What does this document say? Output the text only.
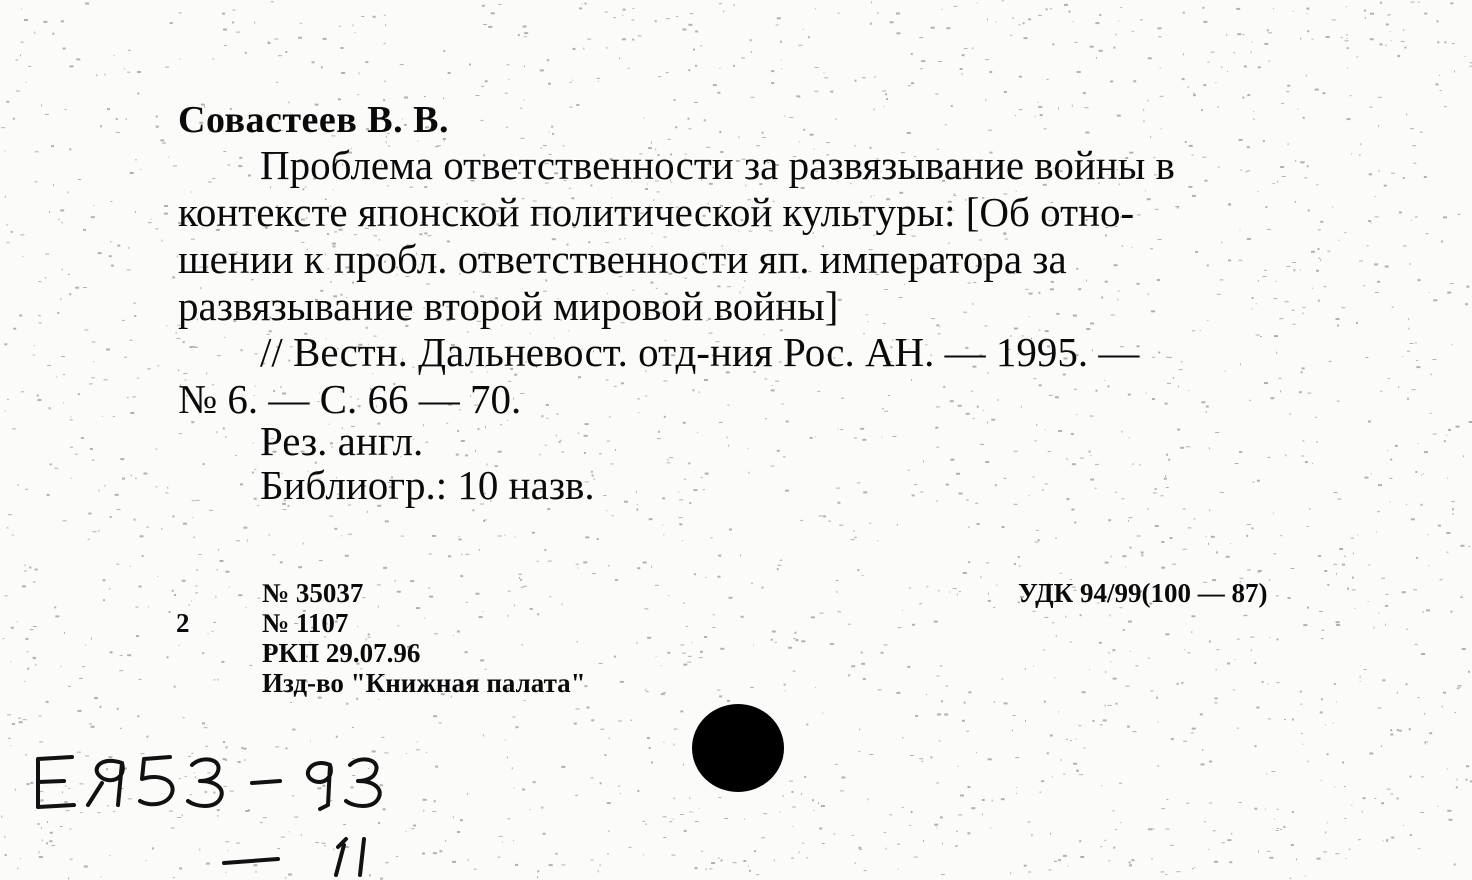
Совастеев В. В.
Проблема ответственности за развязывание войны в
контексте японской политической культуры: [Об отно-
шении к пробл. ответственности яп. императора за
развязывание второй мировой войны]
// Вестн. Дальневост. отд-ния Рос. АН. — 1995. —
№ 6. — С. 66 — 70.
Рез. англ.
Библиогр.: 10 назв.
2
№ 35037
№ 1107
РКП 29.07.96
Изд-во "Книжная палата"
УДК 94/99(100 — 87)
